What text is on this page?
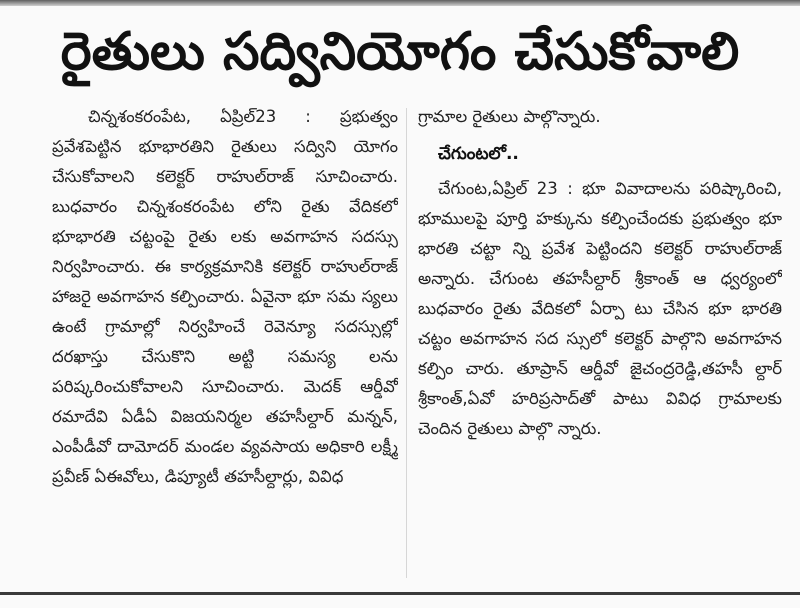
రైతులు సద్వినియోగం చేసుకోవాలి

చిన్నశంకరంపేట, ఏప్రిల్23 : ప్రభుత్వం ప్రవేశపెట్టిన భూభారతిని రైతులు సద్విని యోగం చేసుకోవాలని కలెక్టర్ రాహుల్‌రాజ్ సూచించారు. బుధవారం చిన్నశంకరంపేట లోని రైతు వేదికలో భూభారతి చట్టంపై రైతు లకు అవగాహన సదస్సు నిర్వహించారు. ఈ కార్యక్రమానికి కలెక్టర్ రాహుల్‌రాజ్ హాజరై అవగాహన కల్పించారు. ఏవైనా భూ సమ స్యలు ఉంటే గ్రామాల్లో నిర్వహించే రెవెన్యూ సదస్సుల్లో దరఖాస్తు చేసుకొని అట్టి సమస్య లను పరిష్కరించుకోవాలని సూచించారు. మెదక్ ఆర్డీవో రమాదేవి ఏడీఏ విజయనిర్మల తహసీల్దార్ మన్నన్, ఎంపీడీవో దామోదర్ మండల వ్యవసాయ అధికారి లక్ష్మీ ప్రవీణ్ ఏఈవోలు, డిప్యూటీ తహసీల్దార్లు, వివిధ

గ్రామాల రైతులు పాల్గొన్నారు.

చేగుంటలో..

చేగుంట,ఏప్రిల్ 23 : భూ వివాదాలను పరిష్కారించి, భూములపై పూర్తి హక్కును కల్పించేందకు ప్రభుత్వం భూ భారతి చట్టా న్ని ప్రవేశ పెట్టిందని కలెక్టర్ రాహుల్‌రాజ్ అన్నారు. చేగుంట తహసీల్దార్ శ్రీకాంత్ ఆ ధ్వర్యంలో బుధవారం రైతు వేదికలో ఏర్పా టు చేసిన భూ భారతి చట్టం అవగాహన సద స్సులో కలెక్టర్ పాల్గొని అవగాహన కల్పిం చారు. తూప్రాన్ ఆర్డీవో జైచంద్రరెడ్డి,తహసీ ల్దార్ శ్రీకాంత్,ఏవో హరిప్రసాద్‌తో పాటు వివిధ గ్రామాలకు చెందిన రైతులు పాల్గొ న్నారు.
